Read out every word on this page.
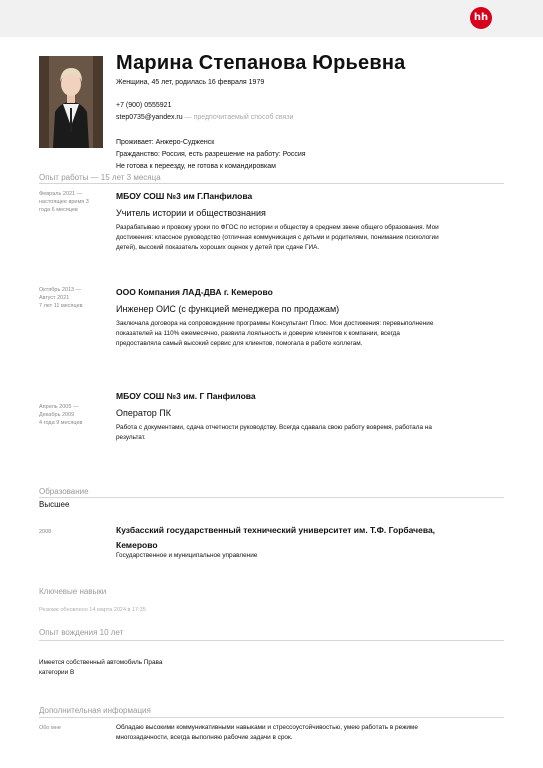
hh
Марина Степанова Юрьевна
Женщина, 45 лет, родилась 16 февраля 1979
+7 (900) 0555921
step0735@yandex.ru — предпочитаемый способ связи
Проживает: Анжеро-Судженск
Гражданство: Россия, есть разрешение на работу: Россия
Не готова к переезду, не готова к командировкам
Опыт работы — 15 лет 3 месяца
Февраль 2021 —
настоящее время 3
года 6 месяцев
МБОУ СОШ №3 им Г.Панфилова
Учитель истории и обществознания
Разрабатываю и провожу уроки по ФГОС по истории и обществу в среднем звене общего образования. Мои
достижения: классное руководство (отличная коммуникация с детьми и родителями, понимание психологии
детей), высокий показатель хороших оценок у детей при сдаче ГИА.
Октябрь 2013 —
Август 2021
7 лет 11 месяцев
ООО Компания ЛАД-ДВА г. Кемерово
Инженер ОИС (с функцией менеджера по продажам)
Заключала договора на сопровождение программы Консультант Плюс. Мои достижения: перевыполнение
показателей на 110% ежемесячно, развила лояльность и доверие клиентов к компании, всегда
предоставляла самый высокий сервис для клиентов, помогала в работе коллегам.
Апрель 2005 —
Декабрь 2009
4 года 9 месяцев
МБОУ СОШ №3 им. Г Панфилова
Оператор ПК
Работа с документами, сдача отчетности руководству. Всегда сдавала свою работу вовремя, работала на
результат.
Образование
Высшее
2008	Кузбасский государственный технический университет им. Т.Ф. Горбачева,
Кемерово
Государственное и муниципальное управление
Ключевые навыки
Резюме обновлено 14 марта 2024 в 17:35
Опыт вождения 10 лет
Имеется собственный автомобиль Права
категории B
Дополнительная информация
Обо мне	Обладаю высокими коммуникативными навыками и стрессоустойчивостью, умею работать в режиме
многозадачности, всегда выполняю рабочие задачи в срок.
